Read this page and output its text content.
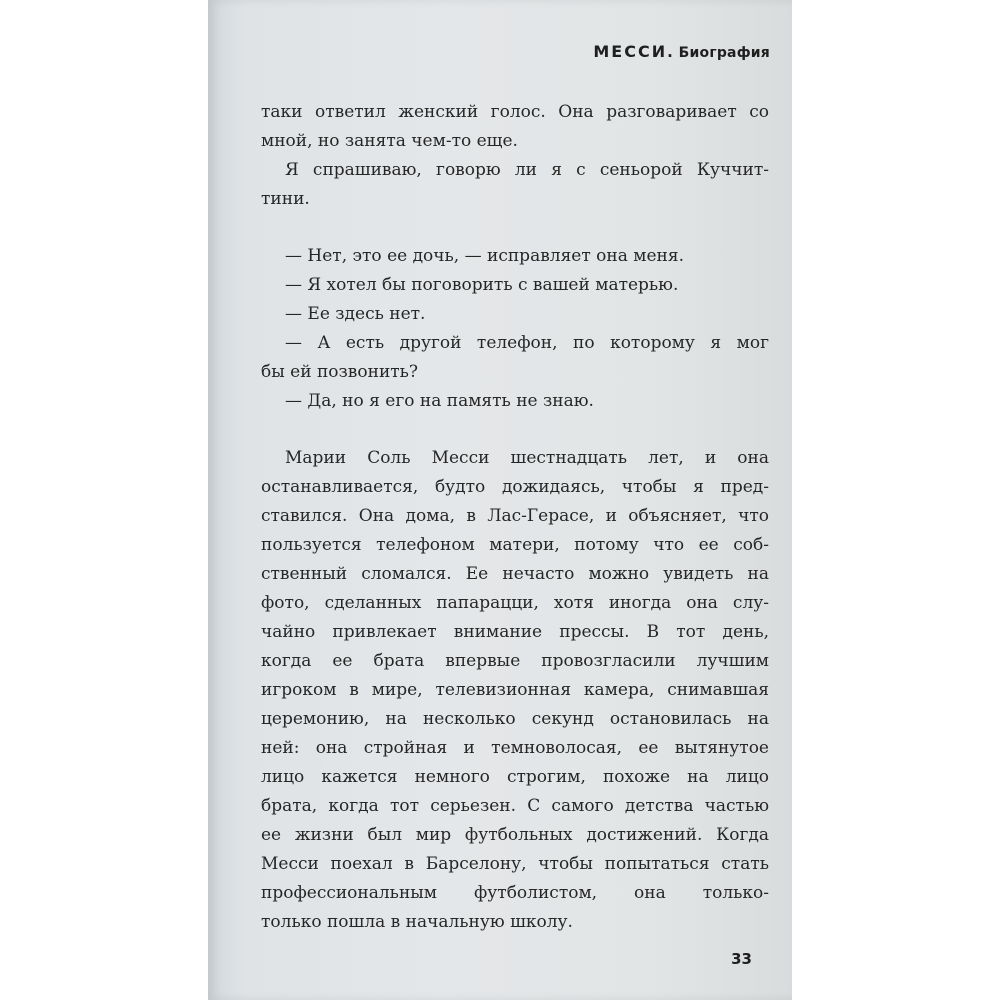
МЕССИ. Биография
таки ответил женский голос. Она разговаривает со
мной, но занята чем-то еще.
Я спрашиваю, говорю ли я с сеньорой Куччит-
тини.
— Нет, это ее дочь, — исправляет она меня.
— Я хотел бы поговорить с вашей матерью.
— Ее здесь нет.
— А есть другой телефон, по которому я мог
бы ей позвонить?
— Да, но я его на память не знаю.
Марии Соль Месси шестнадцать лет, и она
останавливается, будто дожидаясь, чтобы я пред-
ставился. Она дома, в Лас-Герасе, и объясняет, что
пользуется телефоном матери, потому что ее соб-
ственный сломался. Ее нечасто можно увидеть на
фото, сделанных папарацци, хотя иногда она слу-
чайно привлекает внимание прессы. В тот день,
когда ее брата впервые провозгласили лучшим
игроком в мире, телевизионная камера, снимавшая
церемонию, на несколько секунд остановилась на
ней: она стройная и темноволосая, ее вытянутое
лицо кажется немного строгим, похоже на лицо
брата, когда тот серьезен. С самого детства частью
ее жизни был мир футбольных достижений. Когда
Месси поехал в Барселону, чтобы попытаться стать
профессиональным футболистом, она только-
только пошла в начальную школу.
33
